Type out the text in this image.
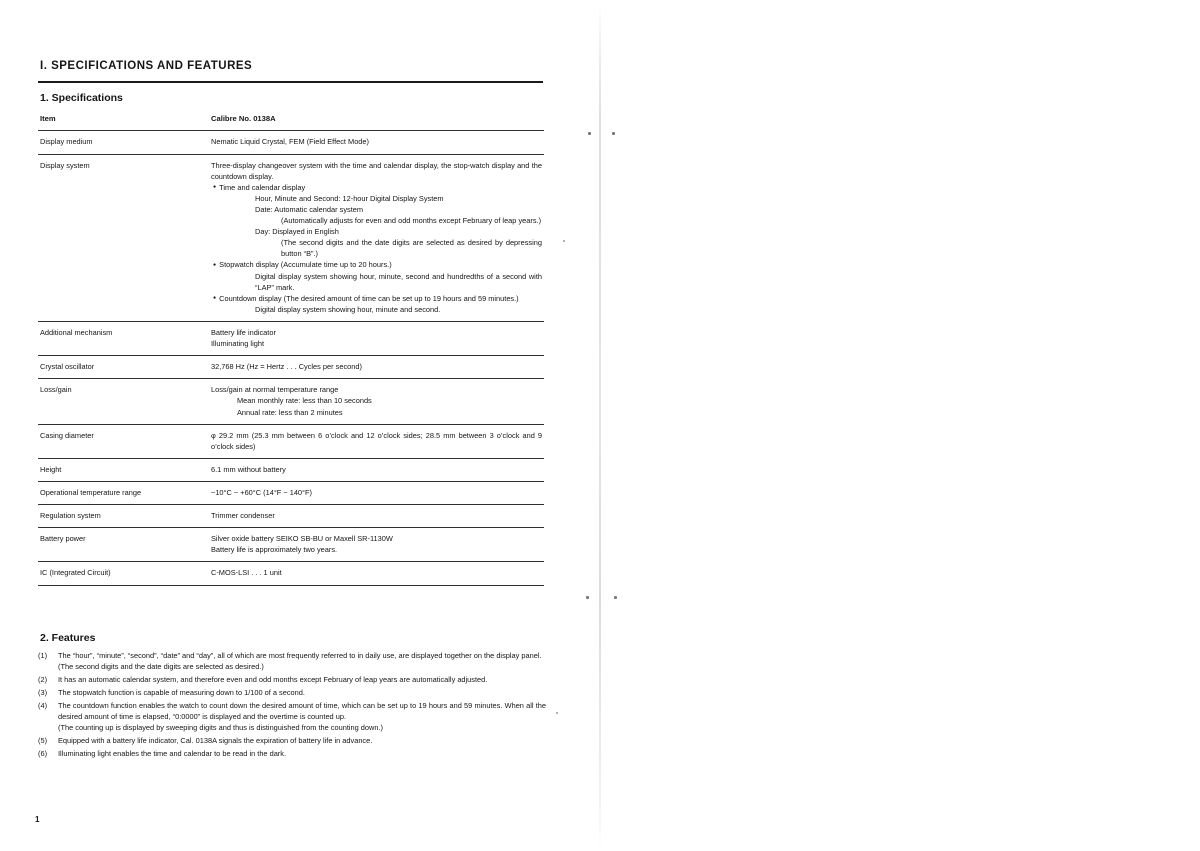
I. SPECIFICATIONS AND FEATURES
1. Specifications
Item	Calibre No. 0138A
Display medium	Nematic Liquid Crystal, FEM (Field Effect Mode)

Display system	Three-display changeover system with the time and calendar display, the stop-watch display and the countdown display.
● Time and calendar display
Hour, Minute and Second: 12-hour Digital Display System
Date: Automatic calendar system
(Automatically adjusts for even and odd months except February of leap years.)
Day: Displayed in English
(The second digits and the date digits are selected as desired by depressing button “B”.)
● Stopwatch display (Accumulate time up to 20 hours.)
Digital display system showing hour, minute, second and hundredths of a second with “LAP” mark.
● Countdown display (The desired amount of time can be set up to 19 hours and 59 minutes.)
Digital display system showing hour, minute and second.

Additional mechanism	Battery life indicator
Illuminating light

Crystal oscillator	32,768 Hz (Hz = Hertz . . . Cycles per second)

Loss/gain	Loss/gain at normal temperature range
Mean monthly rate: less than 10 seconds
Annual rate: less than 2 minutes

Casing diameter	φ 29.2 mm (25.3 mm between 6 o’clock and 12 o’clock sides; 28.5 mm between 3 o’clock and 9 o’clock sides)

Height	6.1 mm without battery

Operational temperature range	−10°C ~ +60°C (14°F ~ 140°F)

Regulation system	Trimmer condenser

Battery power	Silver oxide battery SEIKO SB-BU or Maxell SR-1130W
Battery life is approximately two years.

IC (Integrated Circuit)	C-MOS-LSI . . . 1 unit
2. Features
(1)	The “hour”, “minute”, “second”, “date” and “day”, all of which are most frequently referred to in daily use, are displayed together on the display panel.
(The second digits and the date digits are selected as desired.)
(2)	It has an automatic calendar system, and therefore even and odd months except February of leap years are automatically adjusted.
(3)	The stopwatch function is capable of measuring down to 1/100 of a second.
(4)	The countdown function enables the watch to count down the desired amount of time, which can be set up to 19 hours and 59 minutes. When all the desired amount of time is elapsed, “0:0000” is displayed and the overtime is counted up.
(The counting up is displayed by sweeping digits and thus is distinguished from the counting down.)
(5)	Equipped with a battery life indicator, Cal. 0138A signals the expiration of battery life in advance.
(6)	Illuminating light enables the time and calendar to be read in the dark.
1
